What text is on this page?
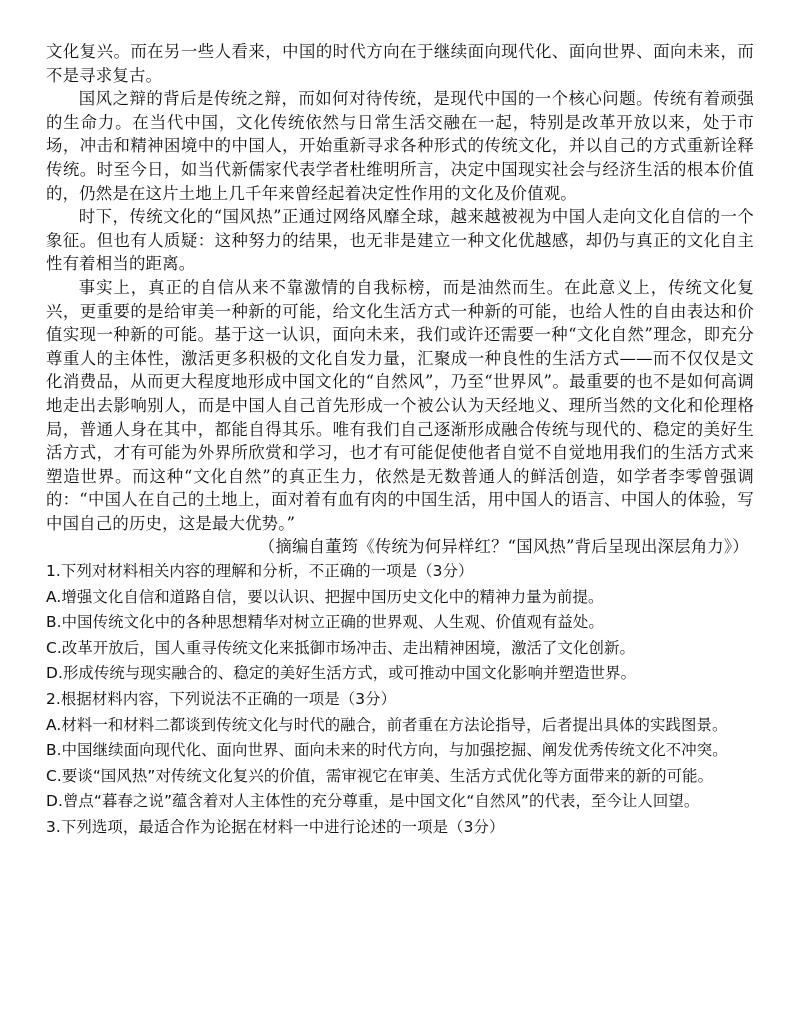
文化复兴。而在另一些人看来，中国的时代方向在于继续面向现代化、面向世界、面向未来，而不是寻求复古。

国风之辩的背后是传统之辩，而如何对待传统，是现代中国的一个核心问题。传统有着顽强的生命力。在当代中国，文化传统依然与日常生活交融在一起，特别是改革开放以来，处于市场，冲击和精神困境中的中国人，开始重新寻求各种形式的传统文化，并以自己的方式重新诠释传统。时至今日，如当代新儒家代表学者杜维明所言，决定中国现实社会与经济生活的根本价值的，仍然是在这片土地上几千年来曾经起着决定性作用的文化及价值观。

时下，传统文化的“国风热”正通过网络风靡全球，越来越被视为中国人走向文化自信的一个象征。但也有人质疑：这种努力的结果，也无非是建立一种文化优越感，却仍与真正的文化自主性有着相当的距离。

事实上，真正的自信从来不靠激情的自我标榜，而是油然而生。在此意义上，传统文化复兴，更重要的是给审美一种新的可能，给文化生活方式一种新的可能，也给人性的自由表达和价值实现一种新的可能。基于这一认识，面向未来，我们或许还需要一种“文化自然”理念，即充分尊重人的主体性，激活更多积极的文化自发力量，汇聚成一种良性的生活方式——而不仅仅是文化消费品，从而更大程度地形成中国文化的“自然风”，乃至“世界风”。最重要的也不是如何高调地走出去影响别人，而是中国人自己首先形成一个被公认为天经地义、理所当然的文化和伦理格局，普通人身在其中，都能自得其乐。唯有我们自己逐渐形成融合传统与现代的、稳定的美好生活方式，才有可能为外界所欣赏和学习，也才有可能促使他者自觉不自觉地用我们的生活方式来塑造世界。而这种“文化自然”的真正生力，依然是无数普通人的鲜活创造，如学者李零曾强调的：“中国人在自己的土地上，面对着有血有肉的中国生活，用中国人的语言、中国人的体验，写中国自己的历史，这是最大优势。”

（摘编自董筠《传统为何异样红？“国风热”背后呈现出深层角力》）

1.下列对材料相关内容的理解和分析，不正确的一项是（3分）

A.增强文化自信和道路自信，要以认识、把握中国历史文化中的精神力量为前提。

B.中国传统文化中的各种思想精华对树立正确的世界观、人生观、价值观有益处。

C.改革开放后，国人重寻传统文化来抵御市场冲击、走出精神困境，激活了文化创新。

D.形成传统与现实融合的、稳定的美好生活方式，或可推动中国文化影响并塑造世界。

2.根据材料内容，下列说法不正确的一项是（3分）

A.材料一和材料二都谈到传统文化与时代的融合，前者重在方法论指导，后者提出具体的实践图景。

B.中国继续面向现代化、面向世界、面向未来的时代方向，与加强挖掘、阐发优秀传统文化不冲突。

C.要谈“国风热”对传统文化复兴的价值，需审视它在审美、生活方式优化等方面带来的新的可能。

D.曾点“暮春之说”蕴含着对人主体性的充分尊重，是中国文化“自然风”的代表，至今让人回望。

3.下列选项，最适合作为论据在材料一中进行论述的一项是（3分）
